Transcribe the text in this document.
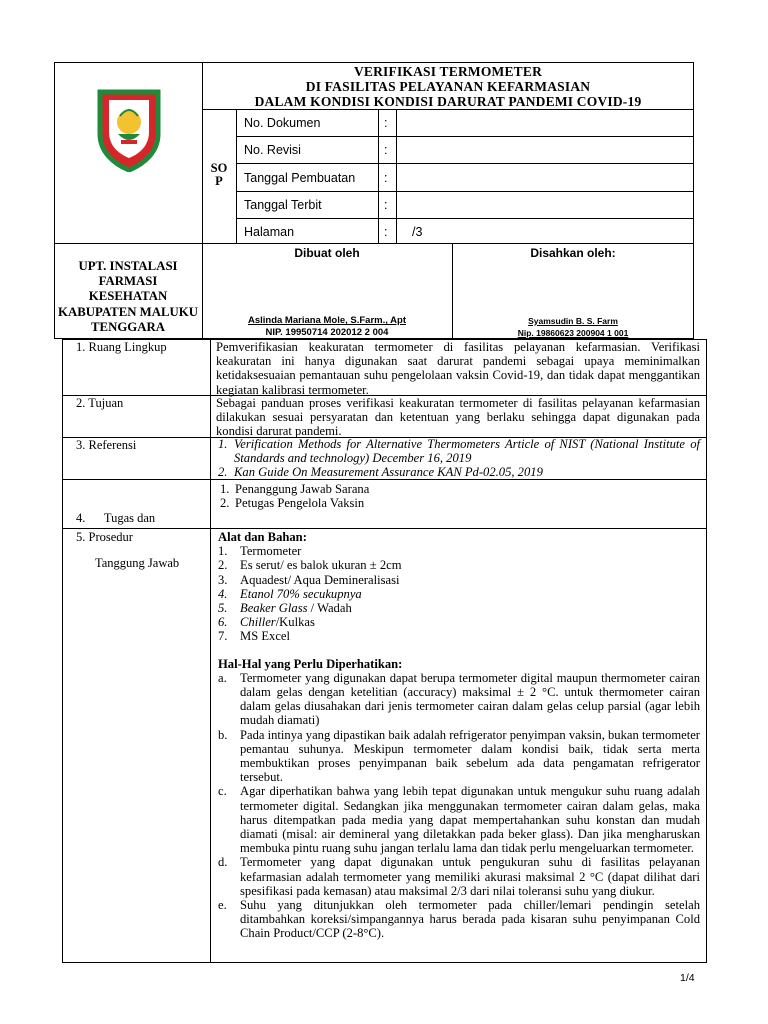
VERIFIKASI TERMOMETER
DI FASILITAS PELAYANAN KEFARMASIAN
DALAM KONDISI KONDISI DARURAT PANDEMI COVID-19
SO
P
No. Dokumen	:
No. Revisi	:
Tanggal Pembuatan :
Tanggal Terbit	:
Halaman	: /3
UPT. INSTALASI FARMASI KESEHATAN KABUPATEN MALUKU TENGGARA
Dibuat oleh
Aslinda Mariana Mole, S.Farm., Apt
NIP. 19950714 202012 2 004
Disahkan oleh:
Syamsudin B. S. Farm
Nip. 19860623 200904 1 001
1. Ruang Lingkup	Pemverifikasian keakuratan termometer di fasilitas pelayanan kefarmasian. Verifikasi keakuratan ini hanya digunakan saat darurat pandemi sebagai upaya meminimalkan ketidaksesuaian pemantauan suhu pengelolaan vaksin Covid-19, dan tidak dapat menggantikan kegiatan kalibrasi termometer.
2. Tujuan	Sebagai panduan proses verifikasi keakuratan termometer di fasilitas pelayanan kefarmasian dilakukan sesuai persyaratan dan ketentuan yang berlaku sehingga dapat digunakan pada kondisi darurat pandemi.
3. Referensi	1. Verification Methods for Alternative Thermometers Article of NIST (National Institute of Standards and technology) December 16, 2019
2. Kan Guide On Measurement Assurance KAN Pd-02.05, 2019

4.      Tugas dan

Tanggung Jawab

1. Penanggung Jawab Sarana
2. Petugas Pengelola Vaksin
5. Prosedur	Alat dan Bahan:
1. Termometer
2. Es serut/ es balok ukuran ± 2cm
3. Aquadest/ Aqua Demineralisasi
4. Etanol 70% secukupnya
5. Beaker Glass / Wadah
6. Chiller /Kulkas
7. MS Excel
Hal-Hal yang Perlu Diperhatikan:
a.	Termometer yang digunakan dapat berupa termometer digital maupun thermometer cairan dalam gelas dengan ketelitian (accuracy) maksimal ± 2 °C. untuk thermometer cairan dalam gelas diusahakan dari jenis termometer cairan dalam gelas celup parsial (agar lebih mudah diamati)
b. Pada intinya yang dipastikan baik adalah refrigerator penyimpan vaksin, bukan termometer pemantau suhunya. Meskipun termometer dalam kondisi baik, tidak serta merta membuktikan proses penyimpanan baik sebelum ada data pengamatan refrigerator tersebut.
c.	Agar diperhatikan bahwa yang lebih tepat digunakan untuk mengukur suhu ruang adalah termometer digital. Sedangkan jika menggunakan termometer cairan dalam gelas, maka harus ditempatkan pada media yang dapat mempertahankan suhu konstan dan mudah diamati (misal: air demineral yang diletakkan pada beker glass). Dan jika mengharuskan membuka pintu ruang suhu jangan terlalu lama dan tidak perlu mengeluarkan termometer.
d. Termometer yang dapat digunakan untuk pengukuran suhu di fasilitas pelayanan kefarmasian adalah termometer yang memiliki akurasi maksimal 2 °C (dapat dilihat dari spesifikasi pada kemasan) atau maksimal 2/3 dari nilai toleransi suhu yang diukur.
e.	Suhu yang ditunjukkan oleh termometer pada chiller/lemari pendingin setelah ditambahkan koreksi/simpangannya harus berada pada kisaran suhu penyimpanan Cold Chain Product/CCP (2-8°C).
1/4
